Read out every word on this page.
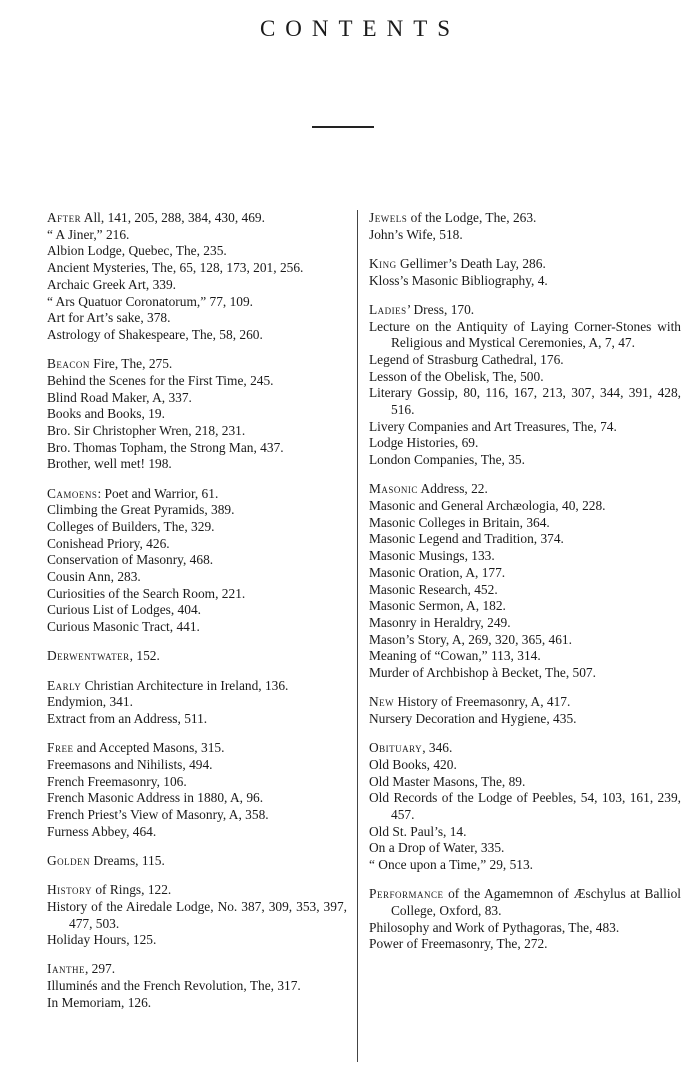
CONTENTS

After All, 141, 205, 288, 384, 430, 469.

“ A Jiner,” 216.

Albion Lodge, Quebec, The, 235.

Ancient Mysteries, The, 65, 128, 173, 201, 256.

Archaic Greek Art, 339.

“ Ars Quatuor Coronatorum,” 77, 109.

Art for Art’s sake, 378.

Astrology of Shakespeare, The, 58, 260.

Beacon Fire, The, 275.

Behind the Scenes for the First Time, 245.

Blind Road Maker, A, 337.

Books and Books, 19.

Bro. Sir Christopher Wren, 218, 231.

Bro. Thomas Topham, the Strong Man, 437.

Brother, well met! 198.

Camoens: Poet and Warrior, 61.

Climbing the Great Pyramids, 389.

Colleges of Builders, The, 329.

Conishead Priory, 426.

Conservation of Masonry, 468.

Cousin Ann, 283.

Curiosities of the Search Room, 221.

Curious List of Lodges, 404.

Curious Masonic Tract, 441.

Derwentwater, 152.

Early Christian Architecture in Ireland, 136.

Endymion, 341.

Extract from an Address, 511.

Free and Accepted Masons, 315.

Freemasons and Nihilists, 494.

French Freemasonry, 106.

French Masonic Address in 1880, A, 96.

French Priest’s View of Masonry, A, 358.

Furness Abbey, 464.

Golden Dreams, 115.

History of Rings, 122.

History of the Airedale Lodge, No. 387, 309, 353, 397, 477, 503.

Holiday Hours, 125.

Ianthe, 297.

Illuminés and the French Revolution, The, 317.

In Memoriam, 126.

Jewels of the Lodge, The, 263.

John’s Wife, 518.

King Gellimer’s Death Lay, 286.

Kloss’s Masonic Bibliography, 4.

Ladies’ Dress, 170.

Lecture on the Antiquity of Laying Corner-Stones with Religious and Mystical Ceremonies, A, 7, 47.

Legend of Strasburg Cathedral, 176.

Lesson of the Obelisk, The, 500.

Literary Gossip, 80, 116, 167, 213, 307, 344, 391, 428, 516.

Livery Companies and Art Treasures, The, 74.

Lodge Histories, 69.

London Companies, The, 35.

Masonic Address, 22.

Masonic and General Archæologia, 40, 228.

Masonic Colleges in Britain, 364.

Masonic Legend and Tradition, 374.

Masonic Musings, 133.

Masonic Oration, A, 177.

Masonic Research, 452.

Masonic Sermon, A, 182.

Masonry in Heraldry, 249.

Mason’s Story, A, 269, 320, 365, 461.

Meaning of “Cowan,” 113, 314.

Murder of Archbishop à Becket, The, 507.

New History of Freemasonry, A, 417.

Nursery Decoration and Hygiene, 435.

Obituary, 346.

Old Books, 420.

Old Master Masons, The, 89.

Old Records of the Lodge of Peebles, 54, 103, 161, 239, 457.

Old St. Paul’s, 14.

On a Drop of Water, 335.

“ Once upon a Time,” 29, 513.

Performance of the Agamemnon of Æschylus at Balliol College, Oxford, 83.

Philosophy and Work of Pythagoras, The, 483.

Power of Freemasonry, The, 272.
